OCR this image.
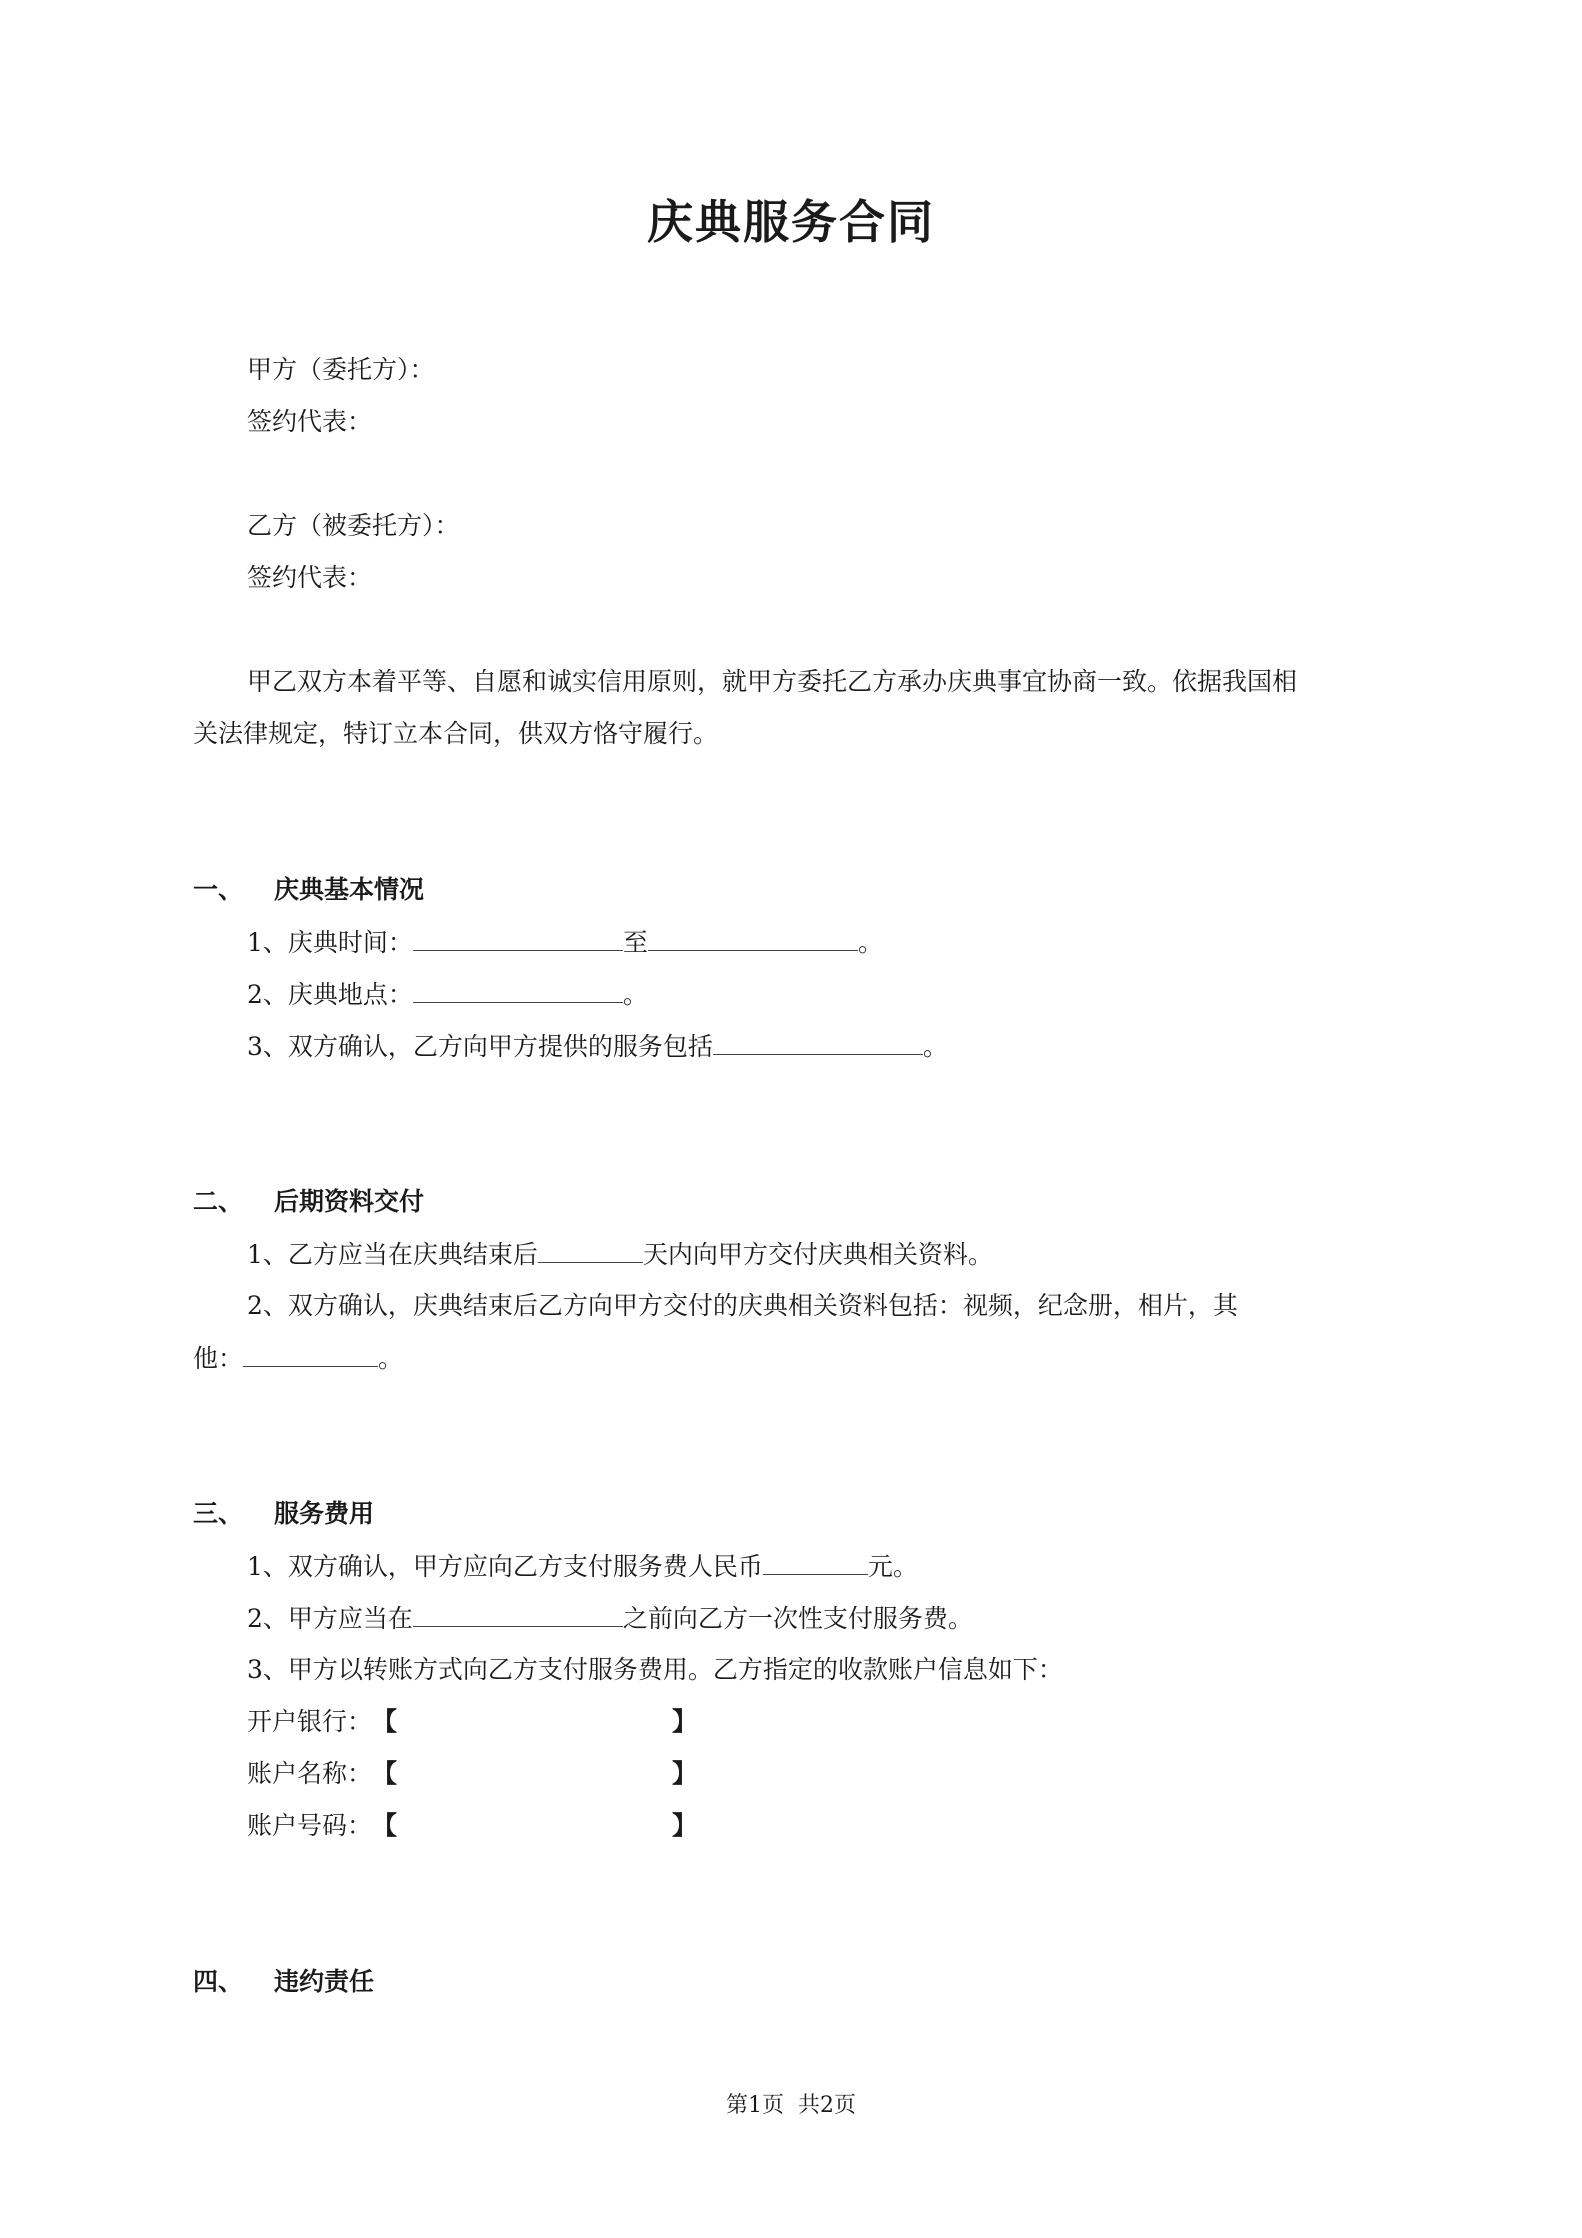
庆典服务合同
甲方（委托方）：
签约代表：
乙方（被委托方）：
签约代表：
甲乙双方本着平等、自愿和诚实信用原则，就甲方委托乙方承办庆典事宜协商一致。依据我国相
关法律规定，特订立本合同，供双方恪守履行。
一、 庆典基本情况
1、庆典时间：	至	。
2、庆典地点：	。
3、双方确认，乙方向甲方提供的服务包括	。
二、 后期资料交付
1、乙方应当在庆典结束后	天内向甲方交付庆典相关资料。
2、双方确认，庆典结束后乙方向甲方交付的庆典相关资料包括：视频，纪念册，相片，其
他：	。
三、 服务费用
1、双方确认，甲方应向乙方支付服务费人民币	元。
2、甲方应当在	之前向乙方一次性支付服务费。
3、甲方以转账方式向乙方支付服务费用。乙方指定的收款账户信息如下：
开户银行：【	】
账户名称：【	】
账户号码：【	】
四、 违约责任
第1页  共2页
